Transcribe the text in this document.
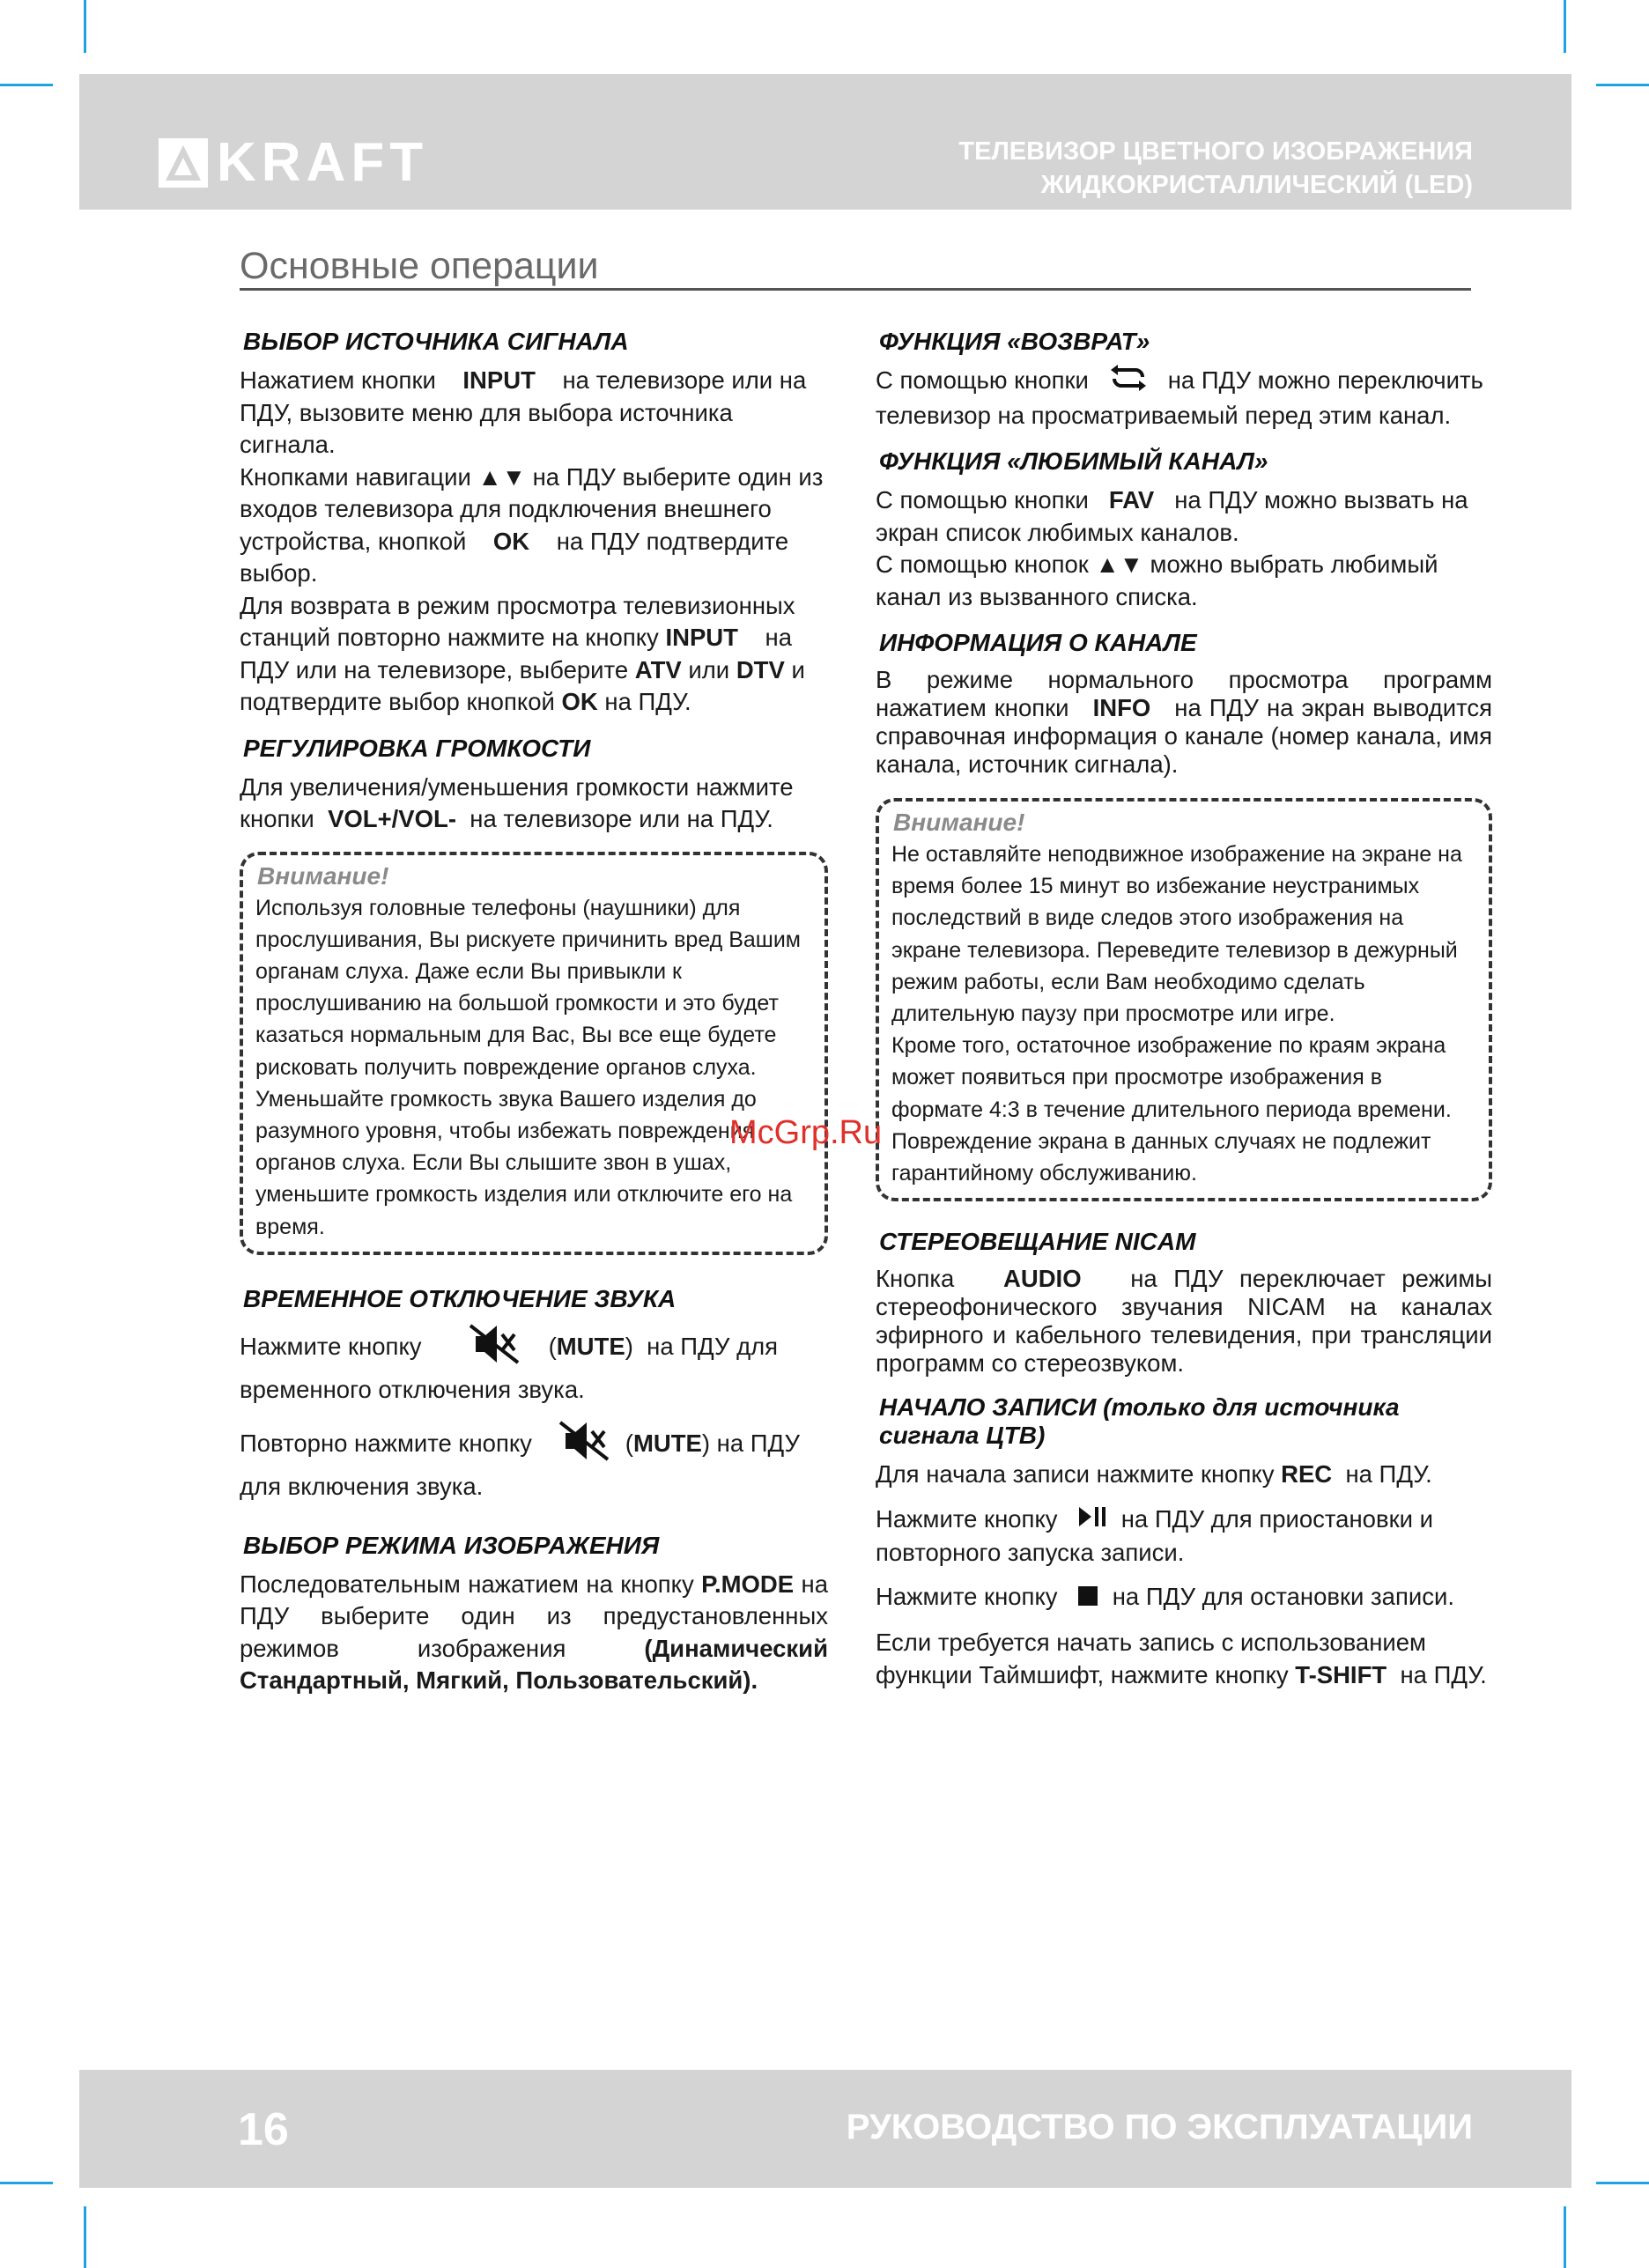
KRAFT	ТЕЛЕВИЗОР ЦВЕТНОГО ИЗОБРАЖЕНИЯ
ЖИДКОКРИСТАЛЛИЧЕСКИЙ (LED)
Основные операции
ВЫБОР ИСТОЧНИКА СИГНАЛА

Нажатием кнопки INPUT на телевизоре или на ПДУ, вызовите меню для выбора источника сигнала.

Кнопками навигации ▲▼ на ПДУ выберите один из входов телевизора для подключения внешнего устройства, кнопкой OK на ПДУ подтвердите выбор.

Для возврата в режим просмотра телевизионных станций повторно нажмите на кнопку INPUT на ПДУ или на телевизоре, выберите ATV или DTV и подтвердите выбор кнопкой OK на ПДУ.

РЕГУЛИРОВКА ГРОМКОСТИ

Для увеличения/уменьшения громкости нажмите кнопки VOL+/VOL- на телевизоре или на ПДУ.

Внимание!

Используя головные телефоны (наушники) для прослушивания, Вы рискуете причинить вред Вашим органам слуха. Даже если Вы привыкли к прослушиванию на большой громкости и это будет казаться нормальным для Вас, Вы все еще будете рисковать получить повреждение органов слуха. Уменьшайте громкость звука Вашего изделия до разумного уровня, чтобы избежать повреждения органов слуха. Если Вы слышите звон в ушах, уменьшите громкость изделия или отключите его на время.

ВРЕМЕННОЕ ОТКЛЮЧЕНИЕ ЗВУКА

Нажмите кнопку	(MUTE)  на ПДУ для временного отключения звука.

Повторно нажмите кнопку	(MUTE) на ПДУ для включения звука.

ВЫБОР РЕЖИМА ИЗОБРАЖЕНИЯ

Последовательным нажатием на кнопку P.MODE на ПДУ выберите один из предустановленных режимов изображения	(Динамический Стандартный, Мягкий, Пользовательский).

ФУНКЦИЯ «ВОЗВРАТ»

С помощью кнопки	на ПДУ можно переключить телевизор на просматриваемый перед этим канал.

ФУНКЦИЯ «ЛЮБИМЫЙ КАНАЛ»

С помощью кнопки FAV на ПДУ можно вызвать на экран список любимых каналов.

С помощью кнопок ▲▼ можно выбрать любимый канал из вызванного списка.

ИНФОРМАЦИЯ О КАНАЛЕ

В режиме нормального просмотра программ нажатием кнопки INFO на ПДУ на экран выводится справочная информация о канале (номер канала, имя канала, источник сигнала).

Внимание!

Не оставляйте неподвижное изображение на экране на время более 15 минут во избежание неустранимых последствий в виде следов этого изображения на экране телевизора. Переведите телевизор в дежурный режим работы, если Вам необходимо сделать длительную паузу при просмотре или игре.

Кроме того, остаточное изображение по краям экрана может появиться при просмотре изображения в формате 4:3 в течение длительного периода времени. Повреждение экрана в данных случаях не подлежит гарантийному обслуживанию.

СТЕРЕОВЕЩАНИЕ NICAM

Кнопка AUDIO на ПДУ переключает режимы стереофонического звучания NICAM на каналах эфирного и кабельного телевидения, при трансляции программ со стереозвуком.

НАЧАЛО ЗАПИСИ (только для источника сигнала ЦТВ)

Для начала записи нажмите кнопку REC на ПДУ.

Нажмите кнопку	на ПДУ для приостановки и повторного запуска записи.

Нажмите кнопку на ПДУ для остановки записи.

Если требуется начать запись с использованием функции Таймшифт, нажмите кнопку T-SHIFT на ПДУ.

McGrp.Ru
16	РУКОВОДСТВО ПО ЭКСПЛУАТАЦИИ
